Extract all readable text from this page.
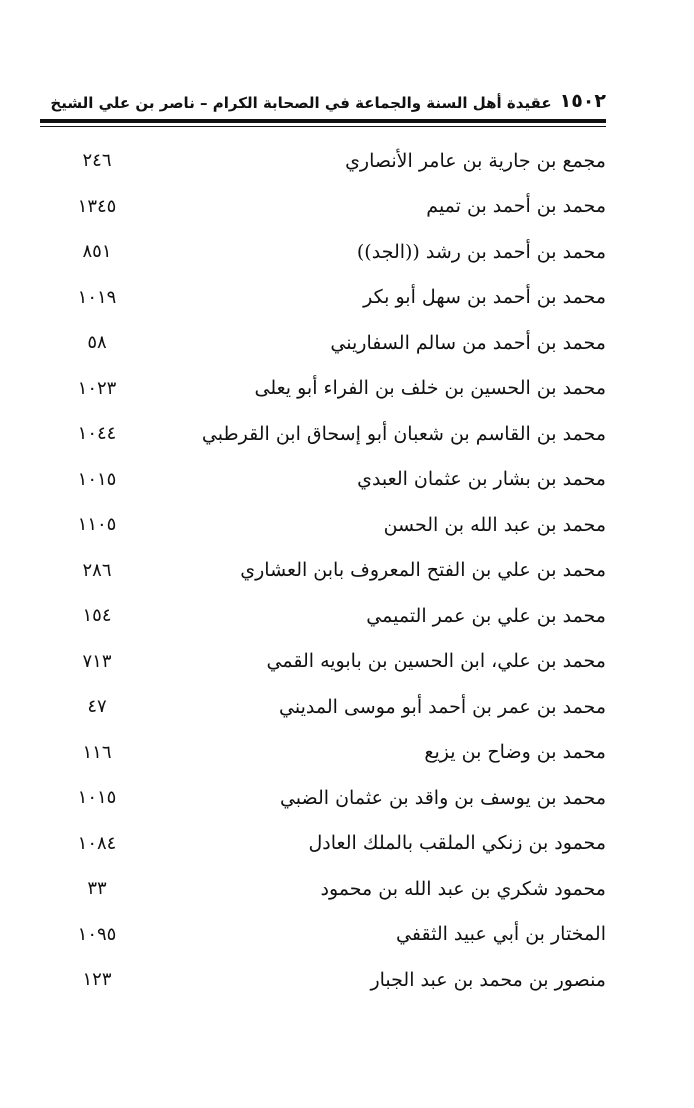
١٥٠٢
عقيدة أهل السنة والجماعة في الصحابة الكرام – ناصر بن علي الشيخ
مجمع بن جارية بن عامر الأنصاري
٢٤٦
محمد بن أحمد بن تميم
١٣٤٥
محمد بن أحمد بن رشد ((الجد))
٨٥١
محمد بن أحمد بن سهل أبو بكر
١٠١٩
محمد بن أحمد من سالم السفاريني
٥٨
محمد بن الحسين بن خلف بن الفراء أبو يعلى
١٠٢٣
محمد بن القاسم بن شعبان أبو إسحاق ابن القرطبي
١٠٤٤
محمد بن بشار بن عثمان العبدي
١٠١٥
محمد بن عبد الله بن الحسن
١١٠٥
محمد بن علي بن الفتح المعروف بابن العشاري
٢٨٦
محمد بن علي بن عمر التميمي
١٥٤
محمد بن علي، ابن الحسين بن بابويه القمي
٧١٣
محمد بن عمر بن أحمد أبو موسى المديني
٤٧
محمد بن وضاح بن يزيع
١١٦
محمد بن يوسف بن واقد بن عثمان الضبي
١٠١٥
محمود بن زنكي الملقب بالملك العادل
١٠٨٤
محمود شكري بن عبد الله بن محمود
٣٣
المختار بن أبي عبيد الثقفي
١٠٩٥
منصور بن محمد بن عبد الجبار
١٢٣
